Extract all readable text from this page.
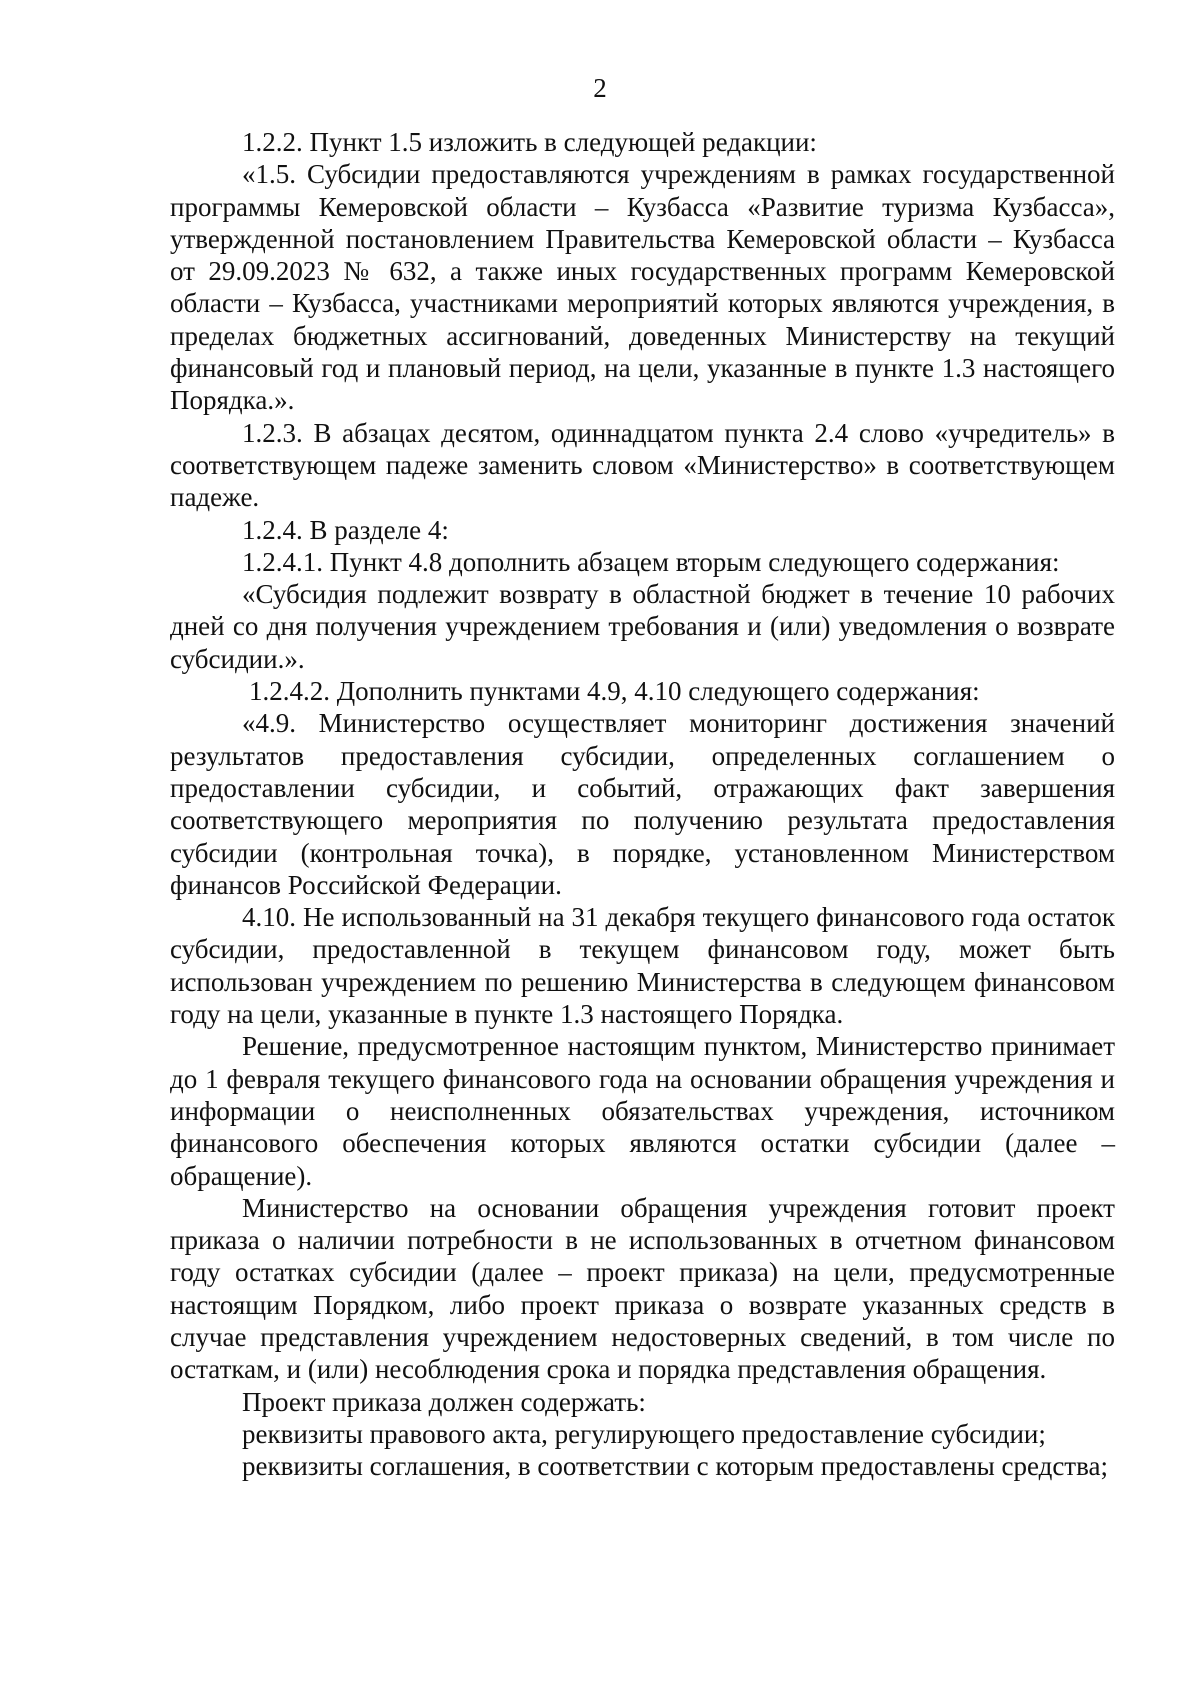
2

1.2.2. Пункт 1.5 изложить в следующей редакции:

«1.5. Субсидии предоставляются учреждениям в рамках государственной программы Кемеровской области – Кузбасса «Развитие туризма Кузбасса», утвержденной постановлением Правительства Кемеровской области – Кузбасса от 29.09.2023 № 632, а также иных государственных программ Кемеровской области – Кузбасса, участниками мероприятий которых являются учреждения, в пределах бюджетных ассигнований, доведенных Министерству на текущий финансовый год и плановый период, на цели, указанные в пункте 1.3 настоящего Порядка.».

1.2.3. В абзацах десятом, одиннадцатом пункта 2.4 слово «учредитель» в соответствующем падеже заменить словом «Министерство» в соответствующем падеже.

1.2.4. В разделе 4:

1.2.4.1. Пункт 4.8 дополнить абзацем вторым следующего содержания:

«Субсидия подлежит возврату в областной бюджет в течение 10 рабочих дней со дня получения учреждением требования и (или) уведомления о возврате субсидии.».

1.2.4.2. Дополнить пунктами 4.9, 4.10 следующего содержания:

«4.9. Министерство осуществляет мониторинг достижения значений результатов предоставления субсидии, определенных соглашением о предоставлении субсидии, и событий, отражающих факт завершения соответствующего мероприятия по получению результата предоставления субсидии (контрольная точка), в порядке, установленном Министерством финансов Российской Федерации.

4.10. Не использованный на 31 декабря текущего финансового года остаток субсидии, предоставленной в текущем финансовом году, может быть использован учреждением по решению Министерства в следующем финансовом году на цели, указанные в пункте 1.3 настоящего Порядка.

Решение, предусмотренное настоящим пунктом, Министерство принимает до 1 февраля текущего финансового года на основании обращения учреждения и информации о неисполненных обязательствах учреждения, источником финансового обеспечения которых являются остатки субсидии (далее – обращение).

Министерство на основании обращения учреждения готовит проект приказа о наличии потребности в не использованных в отчетном финансовом году остатках субсидии (далее – проект приказа) на цели, предусмотренные настоящим Порядком, либо проект приказа о возврате указанных средств в случае представления учреждением недостоверных сведений, в том числе по остаткам, и (или) несоблюдения срока и порядка представления обращения.

Проект приказа должен содержать:

реквизиты правового акта, регулирующего предоставление субсидии;

реквизиты соглашения, в соответствии с которым предоставлены средства;
